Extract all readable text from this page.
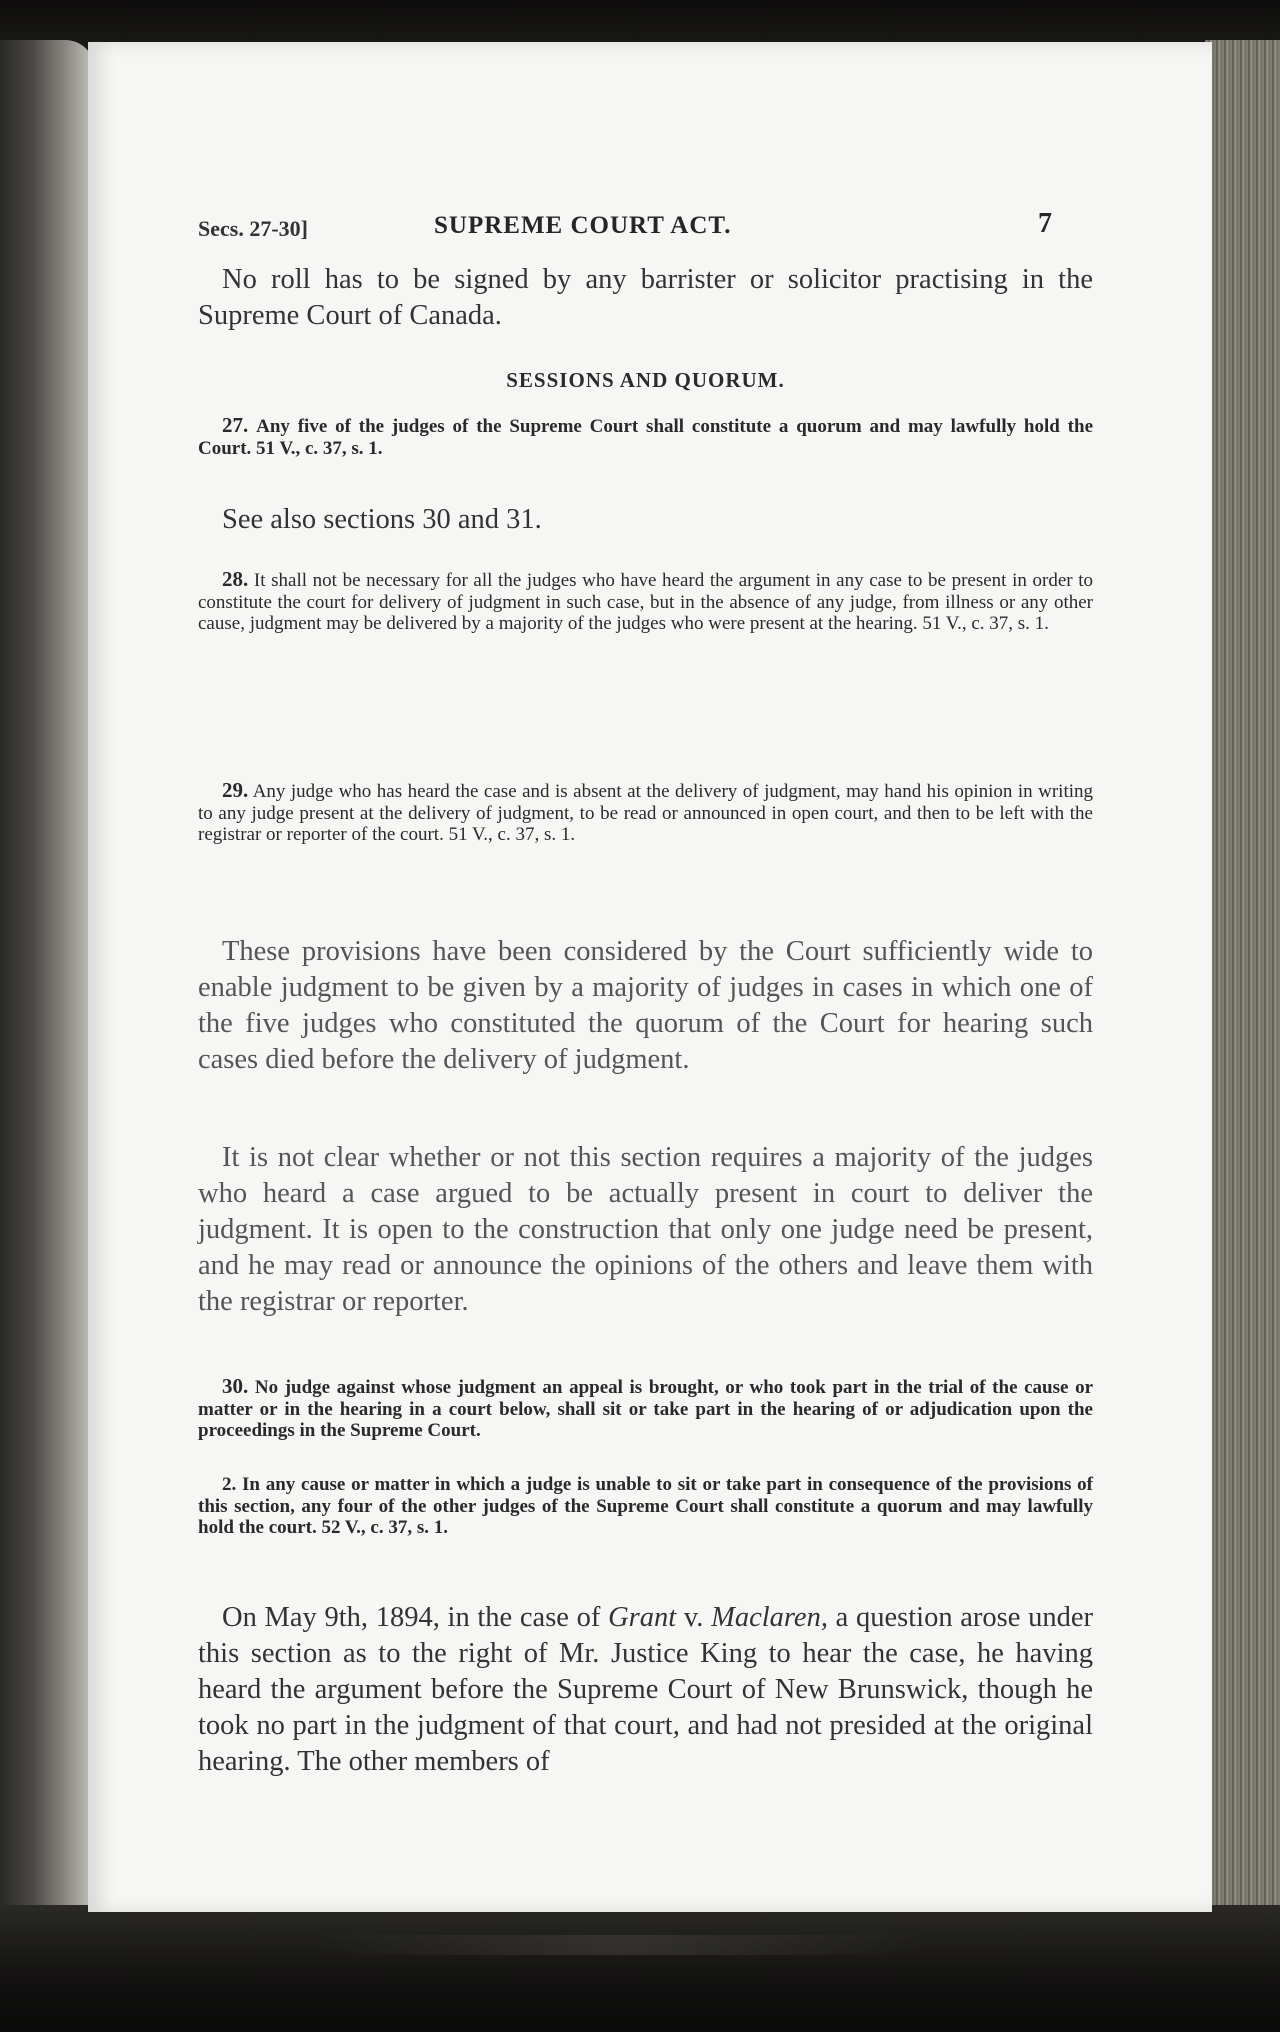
Secs. 27-30]	SUPREME COURT ACT.	7
No roll has to be signed by any barrister or solicitor practising in the Supreme Court of Canada.
SESSIONS AND QUORUM.
27. Any five of the judges of the Supreme Court shall constitute a quorum and may lawfully hold the Court. 51 V., c. 37, s. 1.
See also sections 30 and 31.
28. It shall not be necessary for all the judges who have heard the argument in any case to be present in order to constitute the court for delivery of judgment in such case, but in the absence of any judge, from illness or any other cause, judgment may be delivered by a majority of the judges who were present at the hearing. 51 V., c. 37, s. 1.
29. Any judge who has heard the case and is absent at the delivery of judgment, may hand his opinion in writing to any judge present at the delivery of judgment, to be read or announced in open court, and then to be left with the registrar or reporter of the court. 51 V., c. 37, s. 1.
These provisions have been considered by the Court sufficiently wide to enable judgment to be given by a majority of judges in cases in which one of the five judges who constituted the quorum of the Court for hearing such cases died before the delivery of judgment.
It is not clear whether or not this section requires a majority of the judges who heard a case argued to be actually present in court to deliver the judgment. It is open to the construction that only one judge need be present, and he may read or announce the opinions of the others and leave them with the registrar or reporter.
30. No judge against whose judgment an appeal is brought, or who took part in the trial of the cause or matter or in the hearing in a court below, shall sit or take part in the hearing of or adjudication upon the proceedings in the Supreme Court.
2. In any cause or matter in which a judge is unable to sit or take part in consequence of the provisions of this section, any four of the other judges of the Supreme Court shall constitute a quorum and may lawfully hold the court. 52 V., c. 37, s. 1.
On May 9th, 1894, in the case of Grant v. Maclaren, a question arose under this section as to the right of Mr. Justice King to hear the case, he having heard the argument before the Supreme Court of New Brunswick, though he took no part in the judgment of that court, and had not presided at the original hearing. The other members of
